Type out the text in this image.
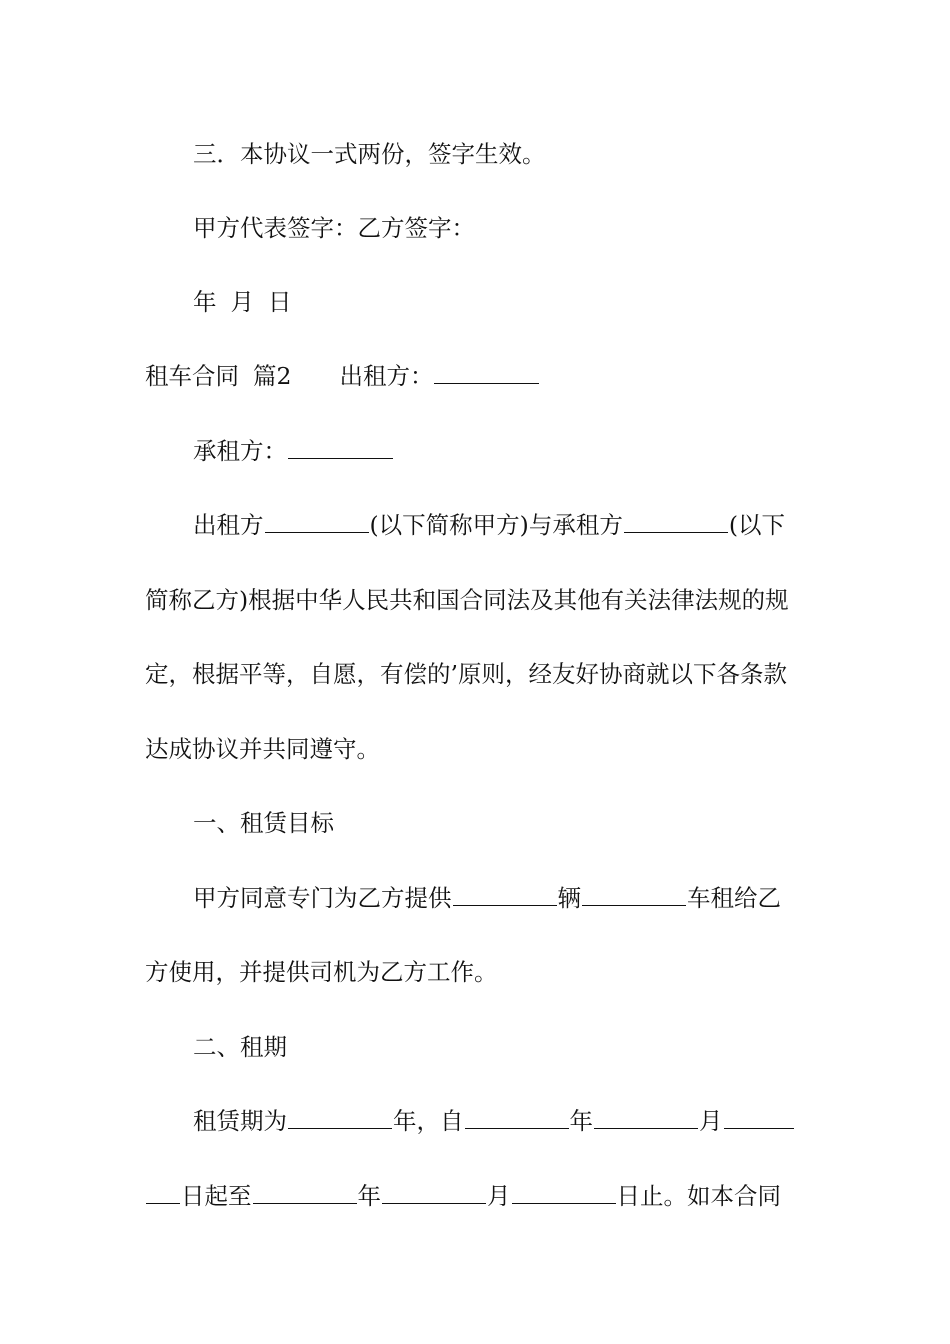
三．本协议一式两份，签字生效。
甲方代表签字：乙方签字：
年 月 日
租车合同 篇2 出租方：
承租方：
出租方	(以下简称甲方)与承租方	(以下
简称乙方)根据中华人民共和国合同法及其他有关法律法规的规
定，根据平等，自愿，有偿的’原则，经友好协商就以下各条款
达成协议并共同遵守。
一、租赁目标
甲方同意专门为乙方提供	辆	车租给乙
方使用，并提供司机为乙方工作。
二、租期
租赁期为	年，自	年	月
日起至	年	月	日止。如本合同
